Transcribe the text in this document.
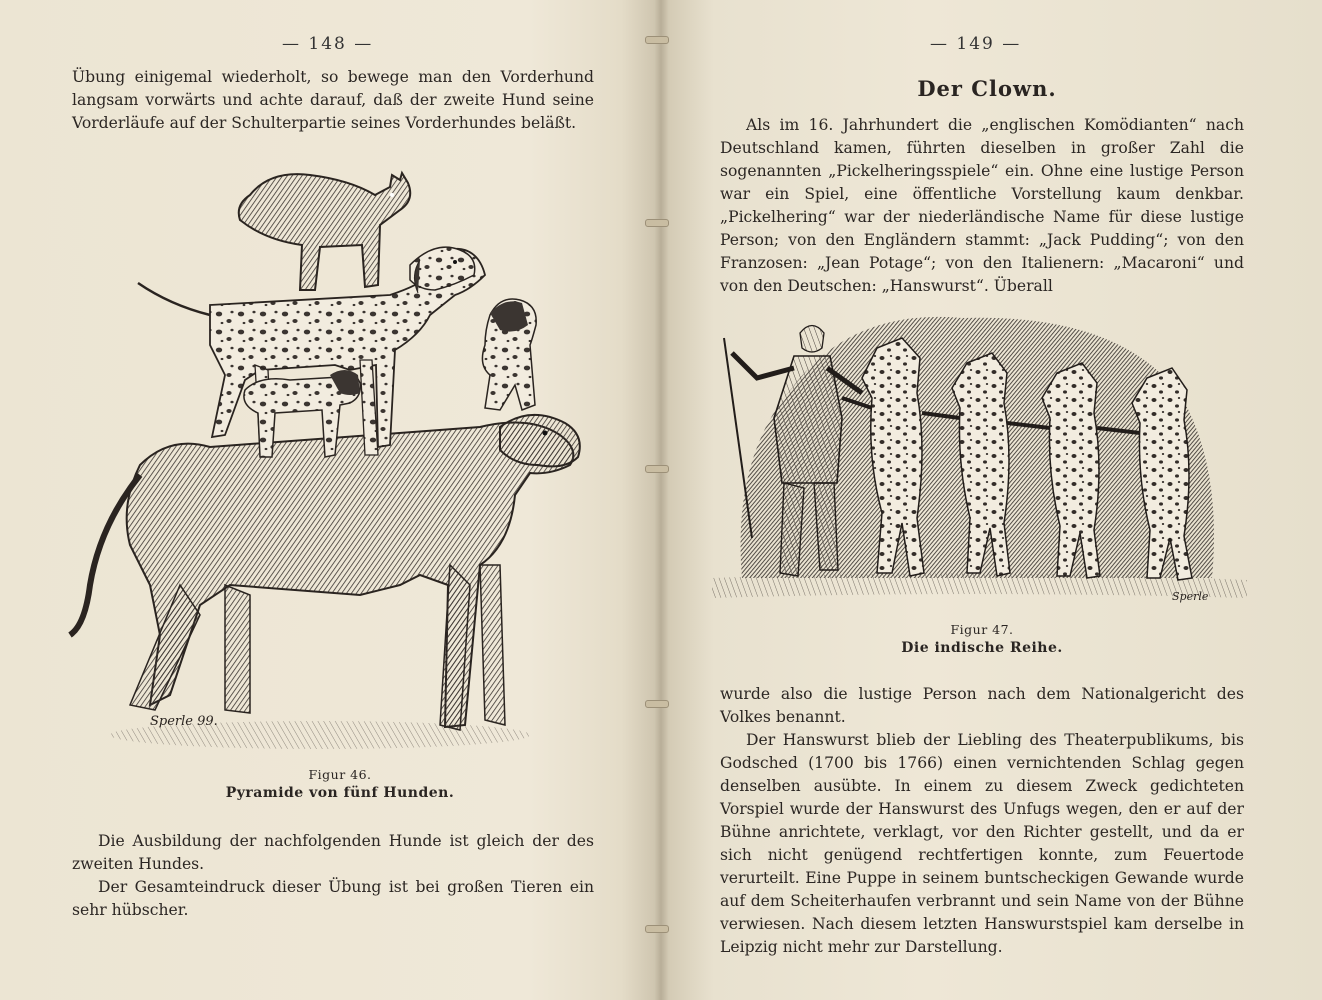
— 148 —

Übung einigemal wiederholt, so bewege man den Vorderhund langsam vorwärts und achte darauf, daß der zweite Hund seine Vorderläufe auf der Schulterpartie seines Vorderhundes beläßt.

Sperle 99.
Figur 46.
Pyramide von fünf Hunden.

Die Ausbildung der nachfolgenden Hunde ist gleich der des zweiten Hundes.

Der Gesamteindruck dieser Übung ist bei großen Tieren ein sehr hübscher.

— 149 —
Der Clown.

Als im 16. Jahrhundert die „englischen Komödianten“ nach Deutschland kamen, führten dieselben in großer Zahl die sogenannten „Pickelheringsspiele“ ein. Ohne eine lustige Person war ein Spiel, eine öffentliche Vorstellung kaum denkbar. „Pickelhering“ war der niederländische Name für diese lustige Person; von den Engländern stammt: „Jack Pudding“; von den Franzosen: „Jean Potage“; von den Italienern: „Macaroni“ und von den Deutschen: „Hanswurst“. Überall

Sperle
Figur 47.
Die indische Reihe.

wurde also die lustige Person nach dem Nationalgericht des Volkes benannt.

Der Hanswurst blieb der Liebling des Theaterpublikums, bis Godsched (1700 bis 1766) einen vernichtenden Schlag gegen denselben ausübte. In einem zu diesem Zweck gedichteten Vorspiel wurde der Hanswurst des Unfugs wegen, den er auf der Bühne anrichtete, verklagt, vor den Richter gestellt, und da er sich nicht genügend rechtfertigen konnte, zum Feuertode verurteilt. Eine Puppe in seinem buntscheckigen Gewande wurde auf dem Scheiterhaufen verbrannt und sein Name von der Bühne verwiesen. Nach diesem letzten Hanswurstspiel kam derselbe in Leipzig nicht mehr zur Darstellung.
